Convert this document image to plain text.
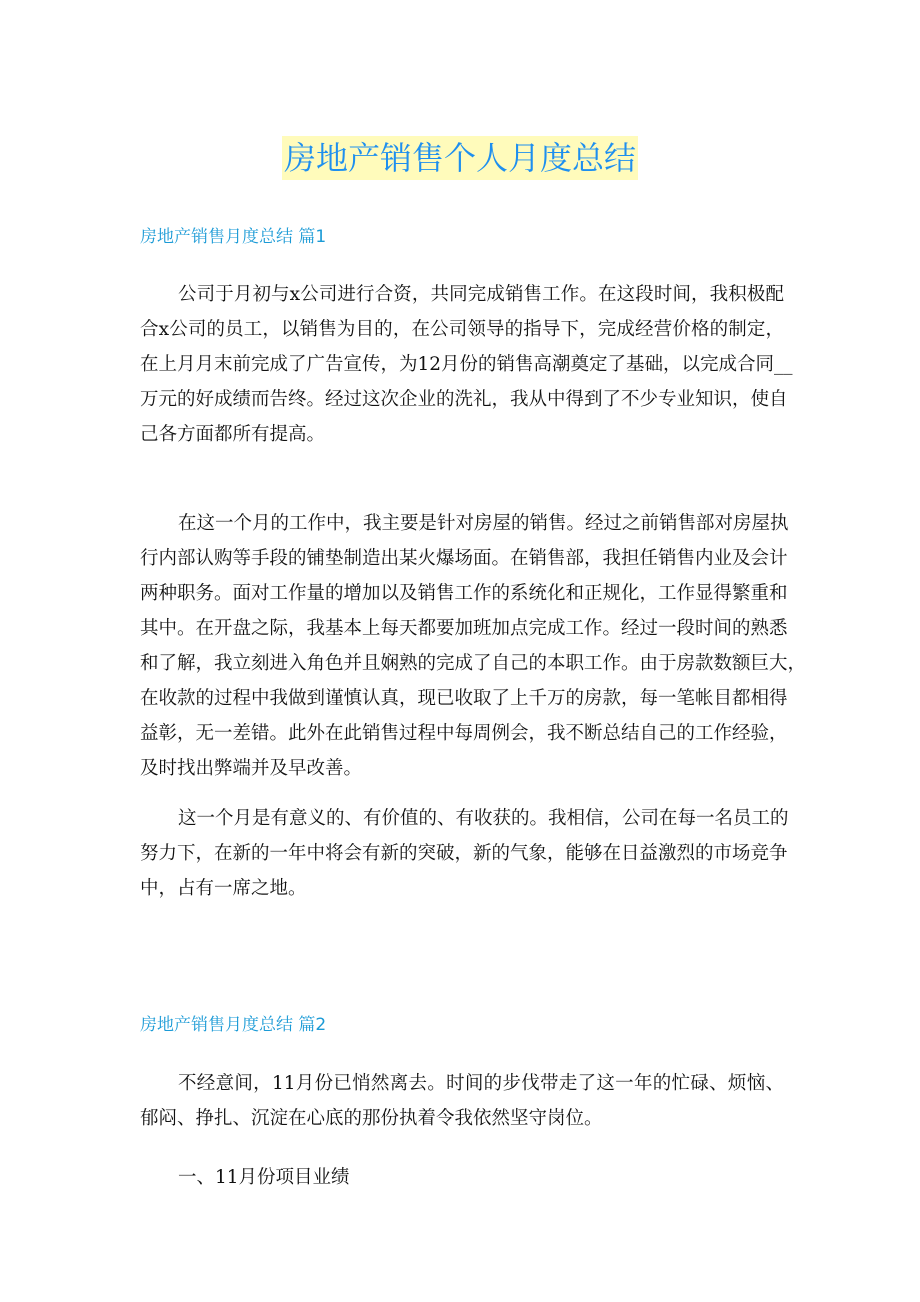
房地产销售个人月度总结
房地产销售月度总结 篇1
公司于月初与x公司进行合资，共同完成销售工作。在这段时间，我积极配
合x公司的员工，以销售为目的，在公司领导的指导下，完成经营价格的制定，
在上月月末前完成了广告宣传，为12月份的销售高潮奠定了基础，以完成合同__
万元的好成绩而告终。经过这次企业的洗礼，我从中得到了不少专业知识，使自
己各方面都所有提高。
在这一个月的工作中，我主要是针对房屋的销售。经过之前销售部对房屋执
行内部认购等手段的铺垫制造出某火爆场面。在销售部，我担任销售内业及会计
两种职务。面对工作量的增加以及销售工作的系统化和正规化，工作显得繁重和
其中。在开盘之际，我基本上每天都要加班加点完成工作。经过一段时间的熟悉
和了解，我立刻进入角色并且娴熟的完成了自己的本职工作。由于房款数额巨大，
在收款的过程中我做到谨慎认真，现已收取了上千万的房款，每一笔帐目都相得
益彰，无一差错。此外在此销售过程中每周例会，我不断总结自己的工作经验，
及时找出弊端并及早改善。
这一个月是有意义的、有价值的、有收获的。我相信，公司在每一名员工的
努力下，在新的一年中将会有新的突破，新的气象，能够在日益激烈的市场竞争
中，占有一席之地。
房地产销售月度总结 篇2
不经意间，11月份已悄然离去。时间的步伐带走了这一年的忙碌、烦恼、
郁闷、挣扎、沉淀在心底的那份执着令我依然坚守岗位。
一、11月份项目业绩
